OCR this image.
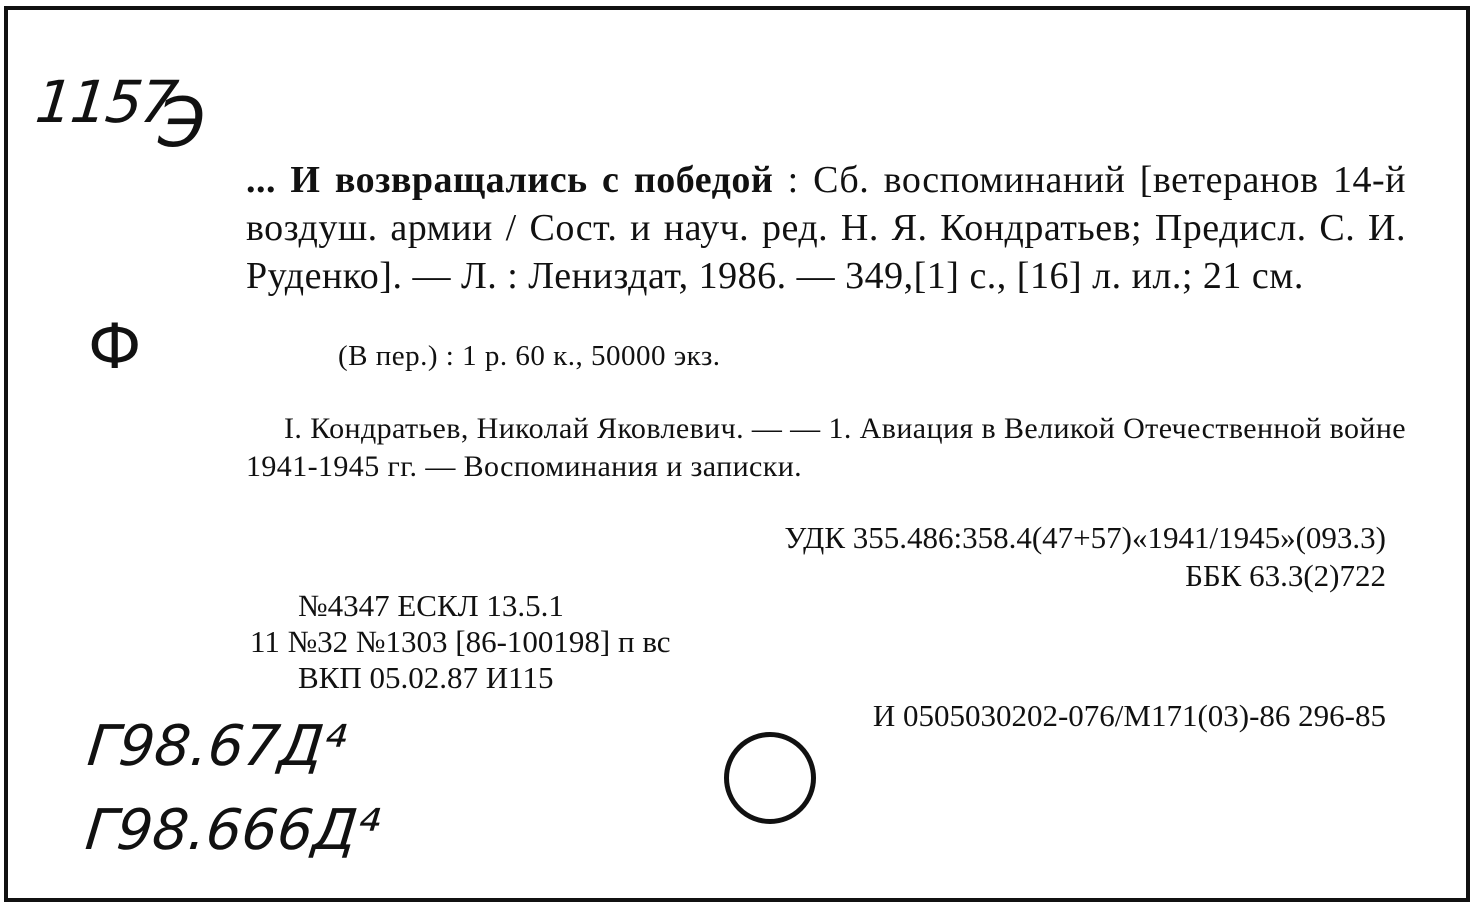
1157
Э
Ф
Г98.67Д⁴
Г98.666Д⁴
... И возвращались с победой : Сб. воспоминаний [ветеранов 14-й воздуш. армии / Сост. и науч. ред. Н. Я. Кондратьев; Предисл. С. И. Руденко]. — Л. : Лениздат, 1986. — 349,[1] с., [16] л. ил.; 21 см.
(В пер.) : 1 р. 60 к., 50000 экз.
I. Кондратьев, Николай Яковлевич. — — 1. Авиация в Великой Отечественной войне 1941-1945 гг. — Воспоминания и записки.
УДК 355.486:358.4(47+57)«1941/1945»(093.3)
ББК 63.3(2)722
№4347 ЕСКЛ 13.5.1
11 №32 №1303 [86-100198] п вс
ВКП 05.02.87 И115
И 0505030202-076/М171(03)-86 296-85
